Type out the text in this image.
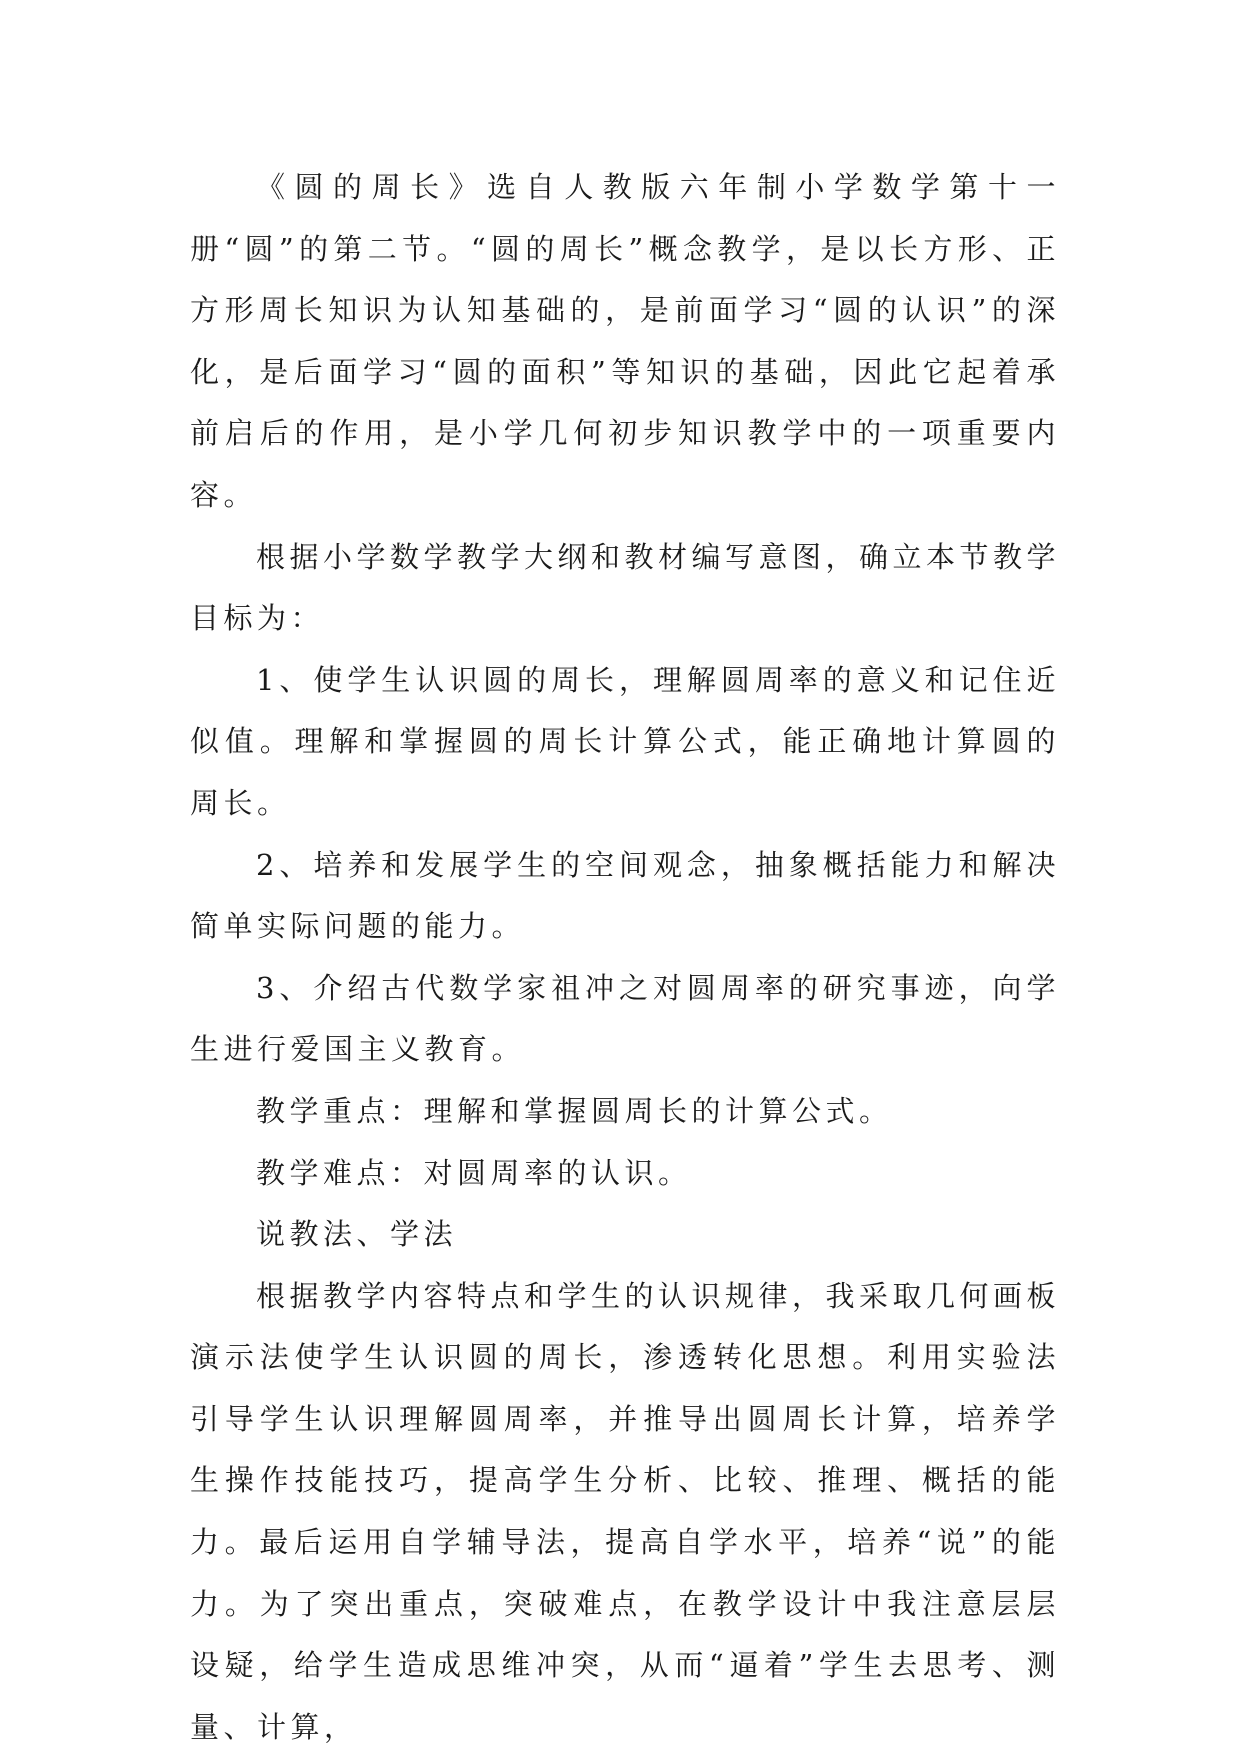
《圆的周长》选自人教版六年制小学数学第十一册“圆”的第二节。“圆的周长”概念教学，是以长方形、正方形周长知识为认知基础的，是前面学习“圆的认识”的深化，是后面学习“圆的面积”等知识的基础，因此它起着承前启后的作用，是小学几何初步知识教学中的一项重要内容。

根据小学数学教学大纲和教材编写意图，确立本节教学目标为：

1、使学生认识圆的周长，理解圆周率的意义和记住近似值。理解和掌握圆的周长计算公式，能正确地计算圆的周长。

2、培养和发展学生的空间观念，抽象概括能力和解决简单实际问题的能力。

3、介绍古代数学家祖冲之对圆周率的研究事迹，向学生进行爱国主义教育。

教学重点：理解和掌握圆周长的计算公式。

教学难点：对圆周率的认识。

说教法、学法

根据教学内容特点和学生的认识规律，我采取几何画板演示法使学生认识圆的周长，渗透转化思想。利用实验法引导学生认识理解圆周率，并推导出圆周长计算，培养学生操作技能技巧，提高学生分析、比较、推理、概括的能力。最后运用自学辅导法，提高自学水平，培养“说”的能力。为了突出重点，突破难点，在教学设计中我注意层层设疑，给学生造成思维冲突，从而“逼着”学生去思考、测量、计算，
